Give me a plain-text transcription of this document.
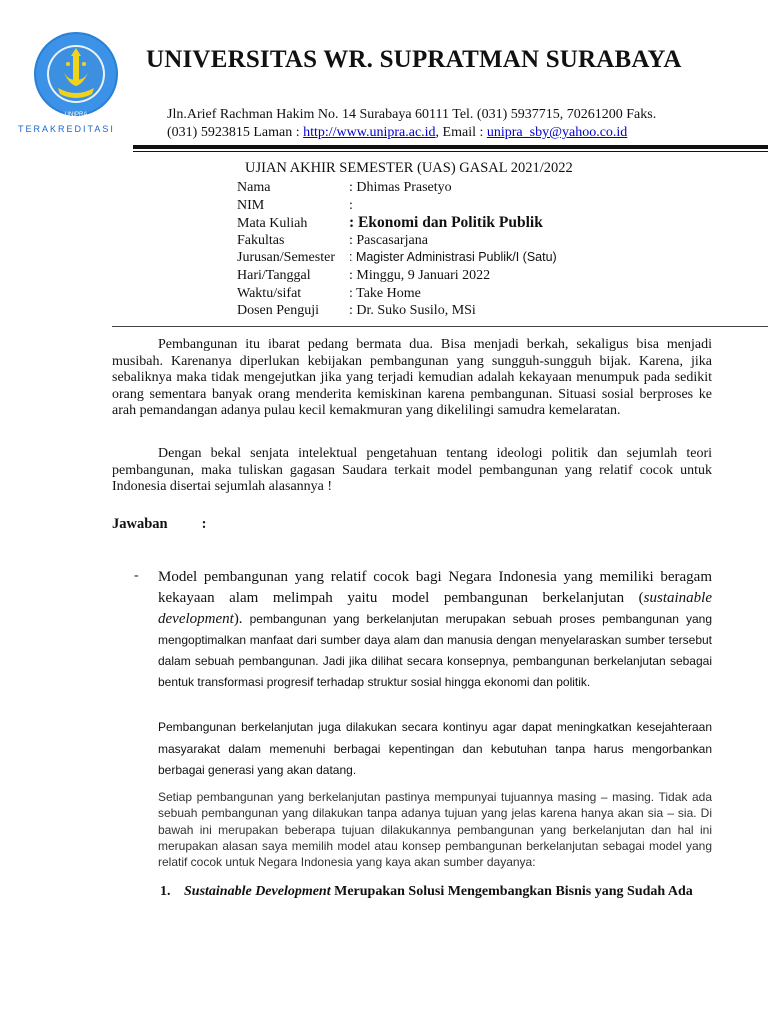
UNIPRA
TERAKREDITASI
UNIVERSITAS WR. SUPRATMAN SURABAYA
Jln.Arief Rachman Hakim No. 14 Surabaya 60111 Tel. (031) 5937715, 70261200 Faks.
(031) 5923815 Laman : http://www.unipra.ac.id, Email : unipra_sby@yahoo.co.id
UJIAN AKHIR SEMESTER (UAS) GASAL 2021/2022
Nama	: Dhimas Prasetyo
NIM	:
Mata Kuliah	: Ekonomi dan Politik Publik
Fakultas	: Pascasarjana
Jurusan/Semester : Magister Administrasi Publik/I (Satu)
Hari/Tanggal	: Minggu, 9 Januari 2022
Waktu/sifat	: Take Home
Dosen Penguji : Dr. Suko Susilo, MSi
Pembangunan itu ibarat pedang bermata dua. Bisa menjadi berkah, sekaligus bisa menjadi musibah. Karenanya diperlukan kebijakan pembangunan yang sungguh-sungguh bijak. Karena, jika sebaliknya maka tidak mengejutkan jika yang terjadi kemudian adalah kekayaan menumpuk pada sedikit orang sementara banyak orang menderita kemiskinan karena pembangunan. Situasi sosial berproses ke arah pemandangan adanya pulau kecil kemakmuran yang dikelilingi samudra kemelaratan.
Dengan bekal senjata intelektual pengetahuan tentang ideologi politik dan sejumlah teori pembangunan, maka tuliskan gagasan Saudara terkait model pembangunan yang relatif cocok untuk Indonesia disertai sejumlah alasannya !
Jawaban :
- Model pembangunan yang relatif cocok bagi Negara Indonesia yang memiliki beragam kekayaan alam melimpah yaitu model pembangunan berkelanjutan (sustainable development). pembangunan yang berkelanjutan merupakan sebuah proses pembangunan yang mengoptimalkan manfaat dari sumber daya alam dan manusia dengan menyelaraskan sumber tersebut dalam sebuah pembangunan. Jadi jika dilihat secara konsepnya, pembangunan berkelanjutan sebagai bentuk transformasi progresif terhadap struktur sosial hingga ekonomi dan politik.
Pembangunan berkelanjutan juga dilakukan secara kontinyu agar dapat meningkatkan kesejahteraan masyarakat dalam memenuhi berbagai kepentingan dan kebutuhan tanpa harus mengorbankan berbagai generasi yang akan datang.
Setiap pembangunan yang berkelanjutan pastinya mempunyai tujuannya masing – masing. Tidak ada sebuah pembangunan yang dilakukan tanpa adanya tujuan yang jelas karena hanya akan sia – sia. Di bawah ini merupakan beberapa tujuan dilakukannya pembangunan yang berkelanjutan dan hal ini merupakan alasan saya memilih model atau konsep pembangunan berkelanjutan sebagai model yang relatif cocok untuk Negara Indonesia yang kaya akan sumber dayanya:
1. Sustainable Development Merupakan Solusi Mengembangkan Bisnis yang Sudah Ada
